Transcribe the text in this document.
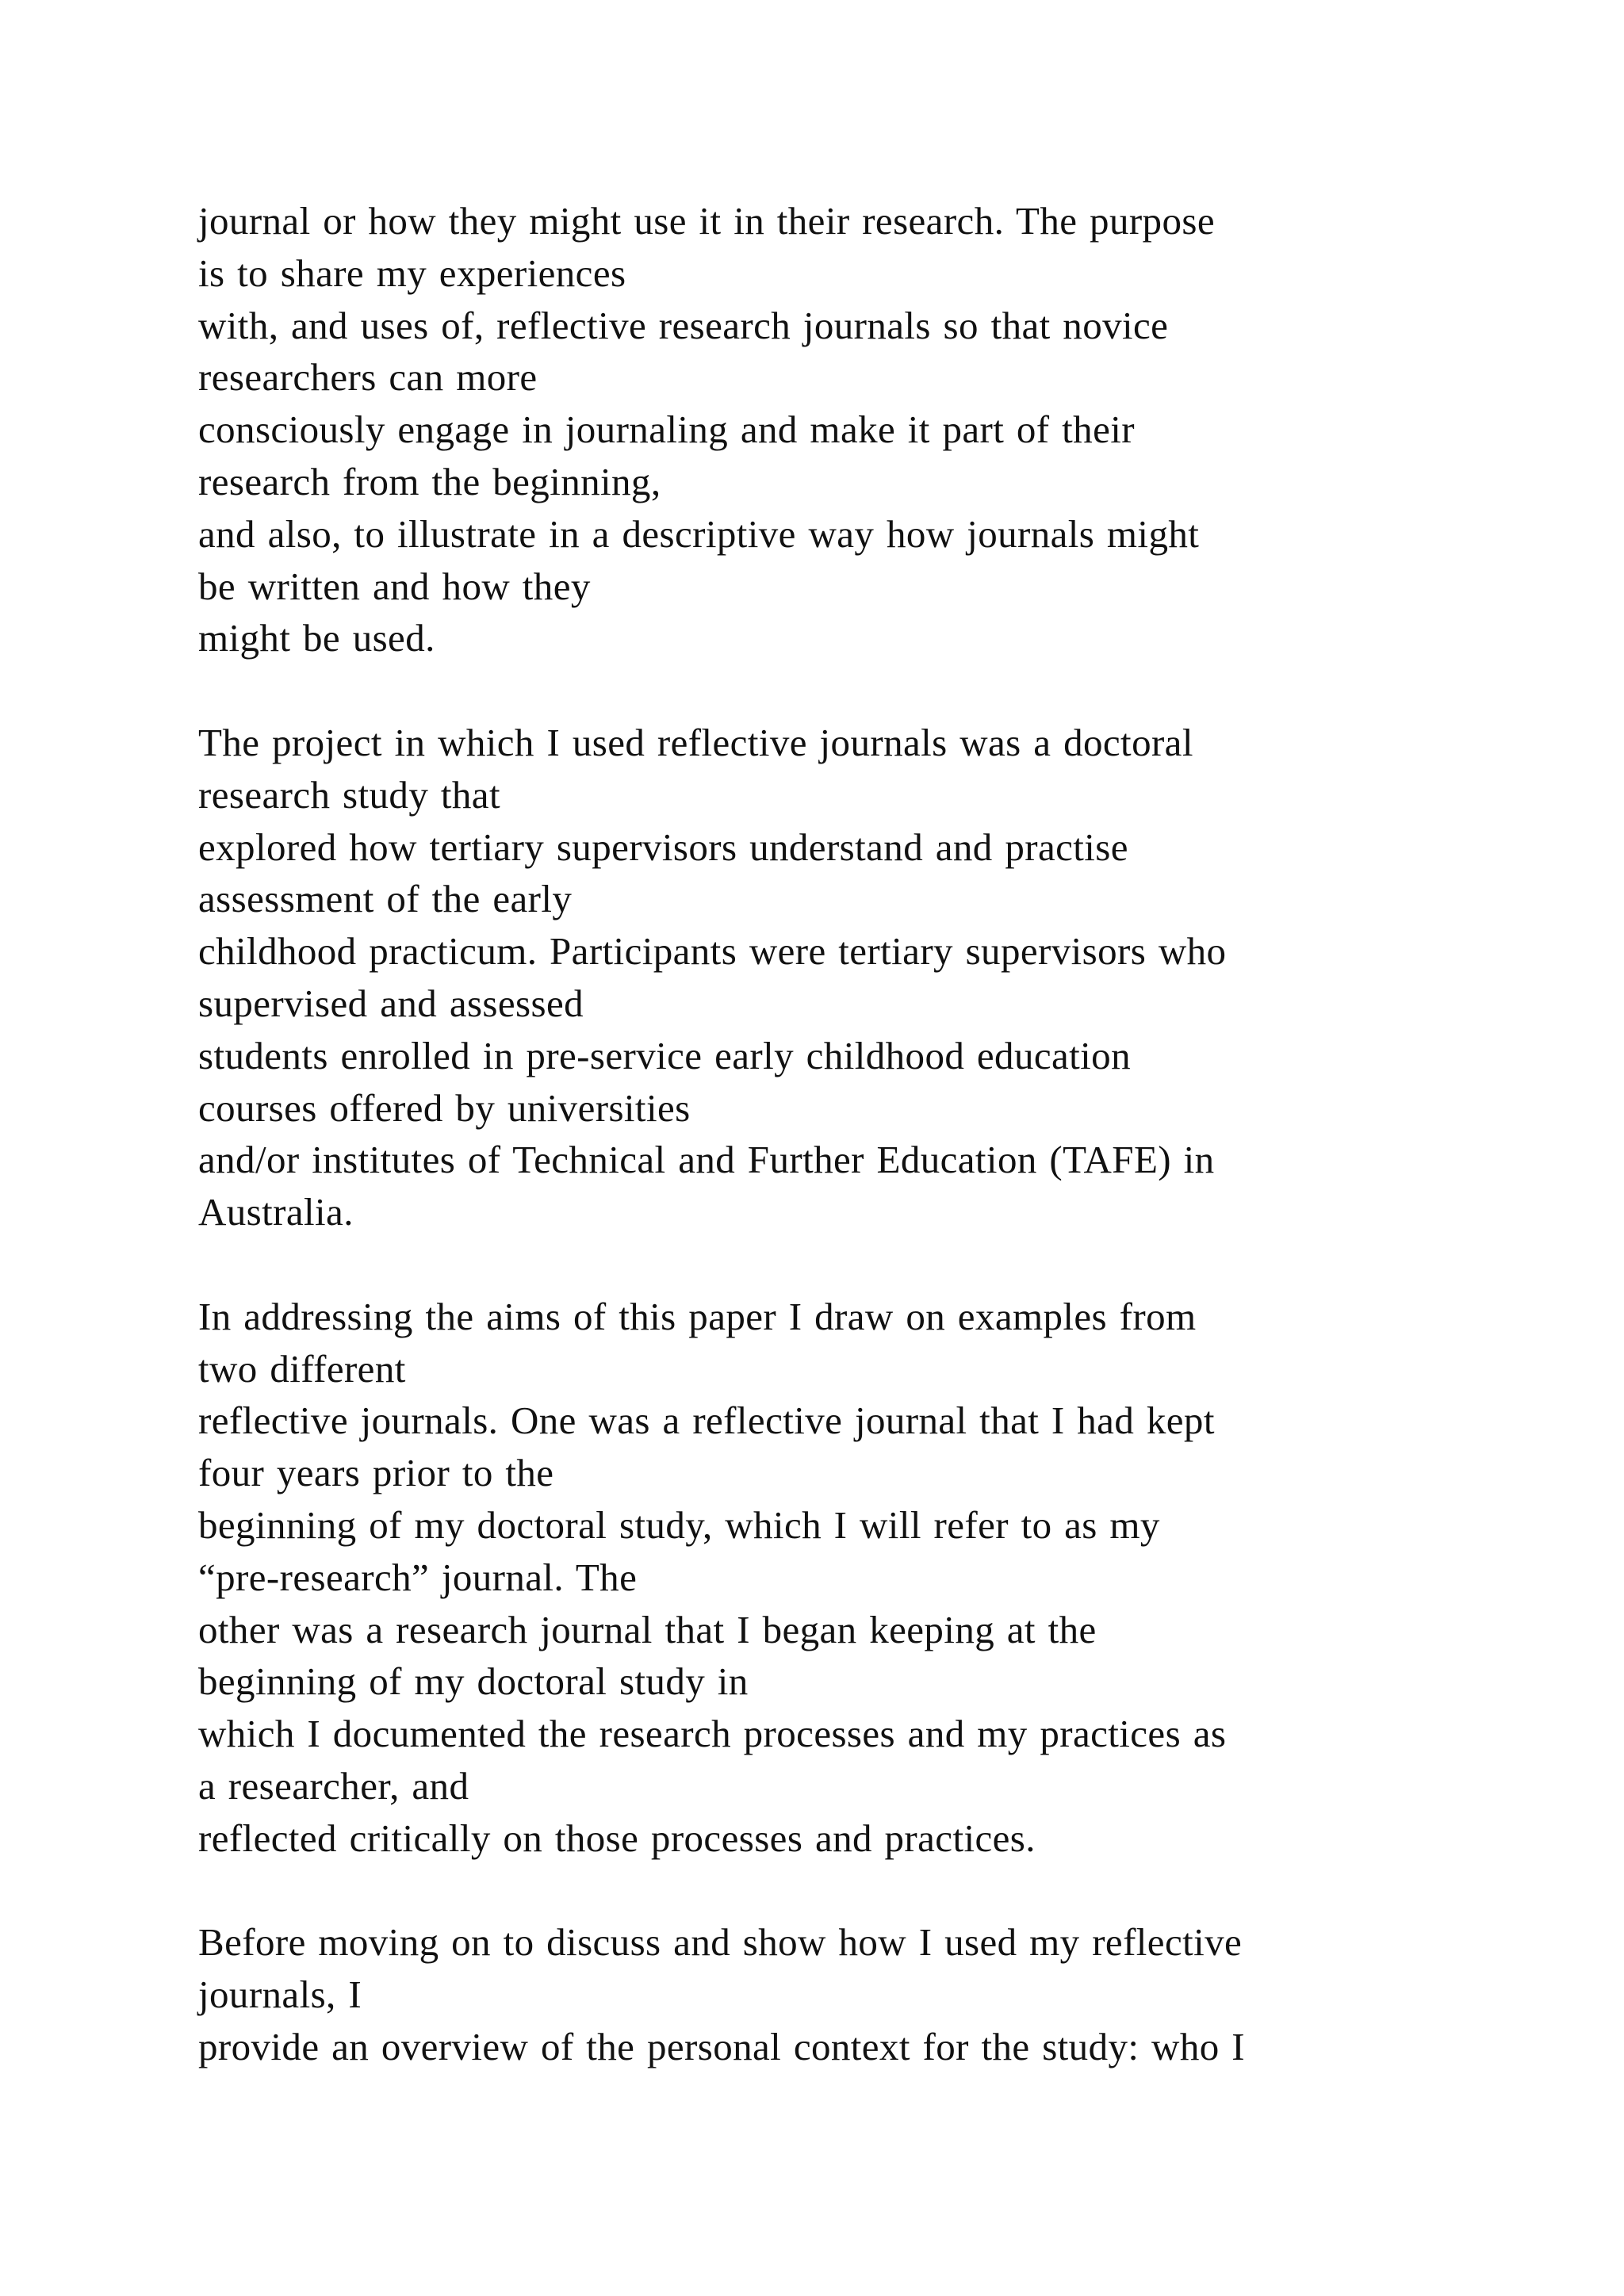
journal or how they might use it in their research. The purpose
is to share my experiences
with, and uses of, reflective research journals so that novice
researchers can more
consciously engage in journaling and make it part of their
research from the beginning,
and also, to illustrate in a descriptive way how journals might
be written and how they
might be used.

The project in which I used reflective journals was a doctoral
research study that
explored how tertiary supervisors understand and practise
assessment of the early
childhood practicum. Participants were tertiary supervisors who
supervised and assessed
students enrolled in pre-service early childhood education
courses offered by universities
and/or institutes of Technical and Further Education (TAFE) in
Australia.

In addressing the aims of this paper I draw on examples from
two different
reflective journals. One was a reflective journal that I had kept
four years prior to the
beginning of my doctoral study, which I will refer to as my
“pre-research” journal. The
other was a research journal that I began keeping at the
beginning of my doctoral study in
which I documented the research processes and my practices as
a researcher, and
reflected critically on those processes and practices.

Before moving on to discuss and show how I used my reflective
journals, I
provide an overview of the personal context for the study: who I
